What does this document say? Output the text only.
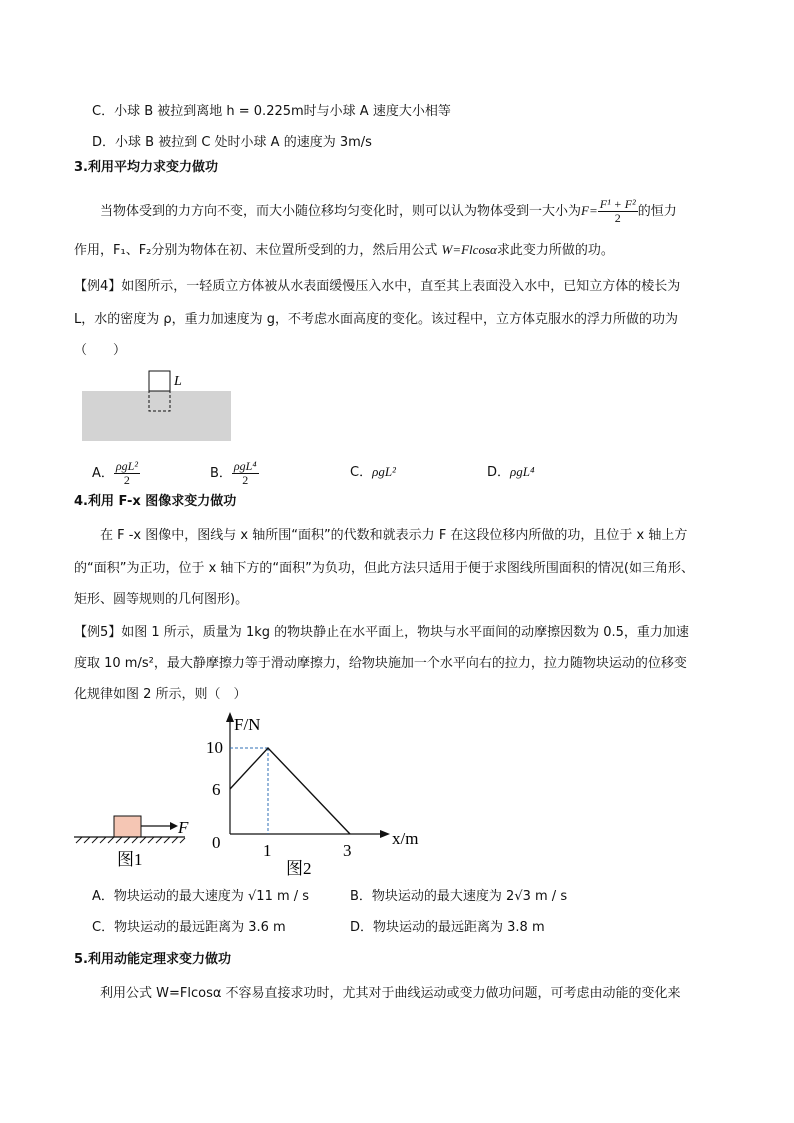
C．小球 B 被拉到离地 h = 0.225m时与小球 A 速度大小相等
D．小球 B 被拉到 C 处时小球 A 的速度为 3m/s
3.利用平均力求变力做功
当物体受到的力方向不变，而大小随位移均匀变化时，则可以认为物体受到一大小为$F= \frac{\text{F¹ + F²}}{2}$ 的恒力
作用，F₁、F₂分别为物体在初、末位置所受到的力，然后用公式 W=Flcosα求此变力所做的功。
【例4】如图所示，一轻质立方体被从水表面缓慢压入水中，直至其上表面没入水中，已知立方体的棱长为
L，水的密度为 ρ，重力加速度为 g，不考虑水面高度的变化。该过程中，立方体克服水的浮力所做的功为
（　　）
L
A． $\frac{\text{ρgL²}}{2}$	B． $\frac{\text{ρgL⁴}}{2}$	C．ρgL²	D．ρgL⁴
4.利用 F-x 图像求变力做功
在 F -x 图像中，图线与 x 轴所围“面积”的代数和就表示力 F 在这段位移内所做的功，且位于 x 轴上方
的“面积”为正功，位于 x 轴下方的“面积”为负功，但此方法只适用于便于求图线所围面积的情况(如三角形、
矩形、圆等规则的几何图形)。
【例5】如图 1 所示，质量为 1kg 的物块静止在水平面上，物块与水平面间的动摩擦因数为 0.5，重力加速
度取 10 m/s²，最大静摩擦力等于滑动摩擦力，给物块施加一个水平向右的拉力，拉力随物块运动的位移变
化规律如图 2 所示，则（　）
F
图1
F/N
x/m
10
6
0	1	3
图2
A．物块运动的最大速度为 √11 m / s	B．物块运动的最大速度为 2√3 m / s
C．物块运动的最远距离为 3.6 m	D．物块运动的最远距离为 3.8 m
5.利用动能定理求变力做功
利用公式 W=Flcosα 不容易直接求功时，尤其对于曲线运动或变力做功问题，可考虑由动能的变化来
